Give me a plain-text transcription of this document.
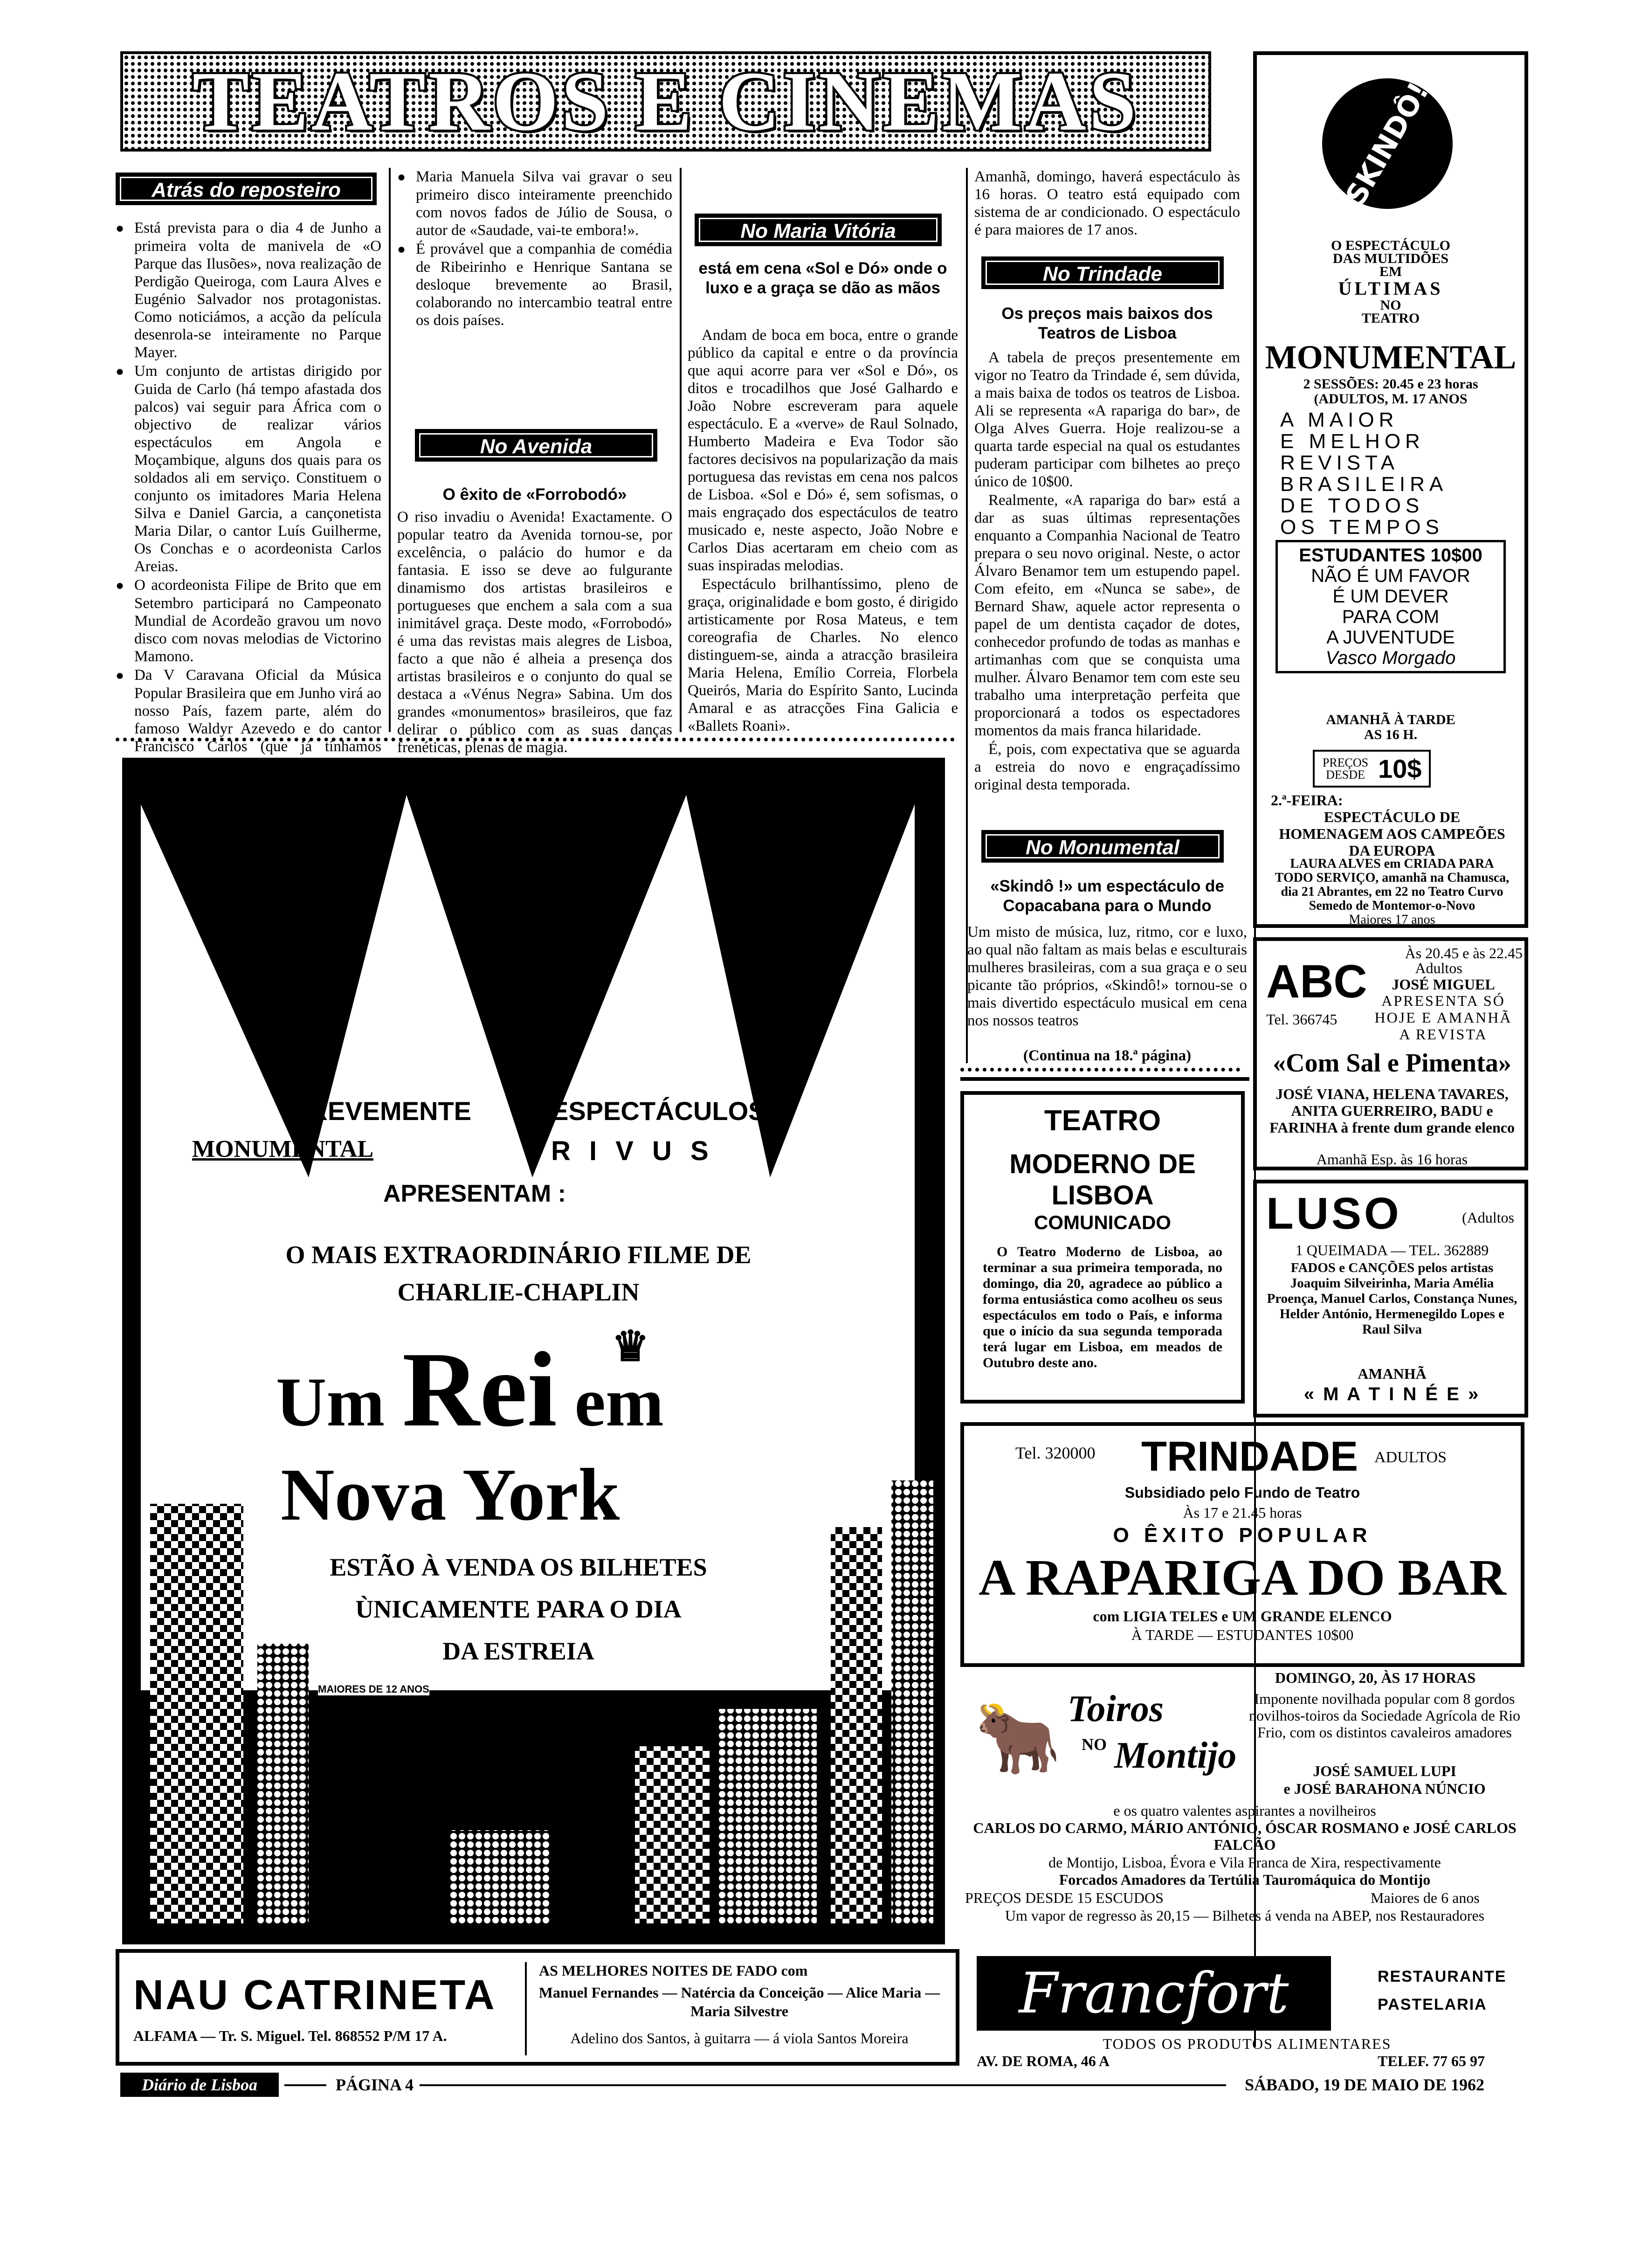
TEATROS E CINEMAS
Atrás do reposteiro

● Está prevista para o dia 4 de Junho a primeira volta de manivela de «O Parque das Ilusões», nova realização de Perdigão Queiroga, com Laura Alves e Eugénio Salvador nos protagonistas. Como noticiámos, a acção da película desenrola-se inteiramente no Parque Mayer.

● Um conjunto de artistas dirigido por Guida de Carlo (há tempo afastada dos palcos) vai seguir para África com o objectivo de realizar vários espectáculos em Angola e Moçambique, alguns dos quais para os soldados ali em serviço. Constituem o conjunto os imitadores Maria Helena Silva e Daniel Garcia, a cançonetista Maria Dilar, o cantor Luís Guilherme, Os Conchas e o acordeonista Carlos Areias.

● O acordeonista Filipe de Brito que em Setembro participará no Campeonato Mundial de Acordeão gravou um novo disco com novas melodias de Victorino Mamono.

● Da V Caravana Oficial da Música Popular Brasileira que em Junho virá ao nosso País, fazem parte, além do famoso Waldyr Azevedo e do cantor Francisco Carlos (que já tínhamos

● Maria Manuela Silva vai gravar o seu primeiro disco inteiramente preenchido com novos fados de Júlio de Sousa, o autor de «Saudade, vai-te embora!».

● É provável que a companhia de comédia de Ribeirinho e Henrique Santana se desloque brevemente ao Brasil, colaborando no intercambio teatral entre os dois países.

No Avenida
O êxito de «Forrobodó»
O riso invadiu o Avenida! Exactamente. O popular teatro da Avenida tornou-se, por excelência, o palácio do humor e da fantasia. E isso se deve ao fulgurante dinamismo dos artistas brasileiros e portugueses que enchem a sala com a sua inimitável graça. Deste modo, «Forrobodó» é uma das revistas mais alegres de Lisboa, facto a que não é alheia a presença dos artistas brasileiros e o conjunto do qual se destaca a «Vénus Negra» Sabina. Um dos grandes «monumentos» brasileiros, que faz delirar o público com as suas danças frenéticas, plenas de magia.
No Maria Vitória
está em cena «Sol e Dó» onde o luxo e a graça se dão as mãos

Andam de boca em boca, entre o grande público da capital e entre o da província que aqui acorre para ver «Sol e Dó», os ditos e trocadilhos que José Galhardo e João Nobre escreveram para aquele espectáculo. E a «verve» de Raul Solnado, Humberto Madeira e Eva Todor são factores decisivos na popularização da mais portuguesa das revistas em cena nos palcos de Lisboa. «Sol e Dó» é, sem sofismas, o mais engraçado dos espectáculos de teatro musicado e, neste aspecto, João Nobre e Carlos Dias acertaram em cheio com as suas inspiradas melodias.

Espectáculo brilhantíssimo, pleno de graça, originalidade e bom gosto, é dirigido artisticamente por Rosa Mateus, e tem coreografia de Charles. No elenco distinguem-se, ainda a atracção brasileira Maria Helena, Emílio Correia, Florbela Queirós, Maria do Espírito Santo, Lucinda Amaral e as atracções Fina Galicia e «Ballets Roani».

Amanhã, domingo, haverá espectáculo às 16 horas. O teatro está equipado com sistema de ar condicionado. O espectáculo é para maiores de 17 anos.
No Trindade
Os preços mais baixos dos Teatros de Lisboa

A tabela de preços presentemente em vigor no Teatro da Trindade é, sem dúvida, a mais baixa de todos os teatros de Lisboa. Ali se representa «A rapariga do bar», de Olga Alves Guerra. Hoje realizou-se a quarta tarde especial na qual os estudantes puderam participar com bilhetes ao preço único de 10$00.

Realmente, «A rapariga do bar» está a dar as suas últimas representações enquanto a Companhia Nacional de Teatro prepara o seu novo original. Neste, o actor Álvaro Benamor tem um estupendo papel. Com efeito, em «Nunca se sabe», de Bernard Shaw, aquele actor representa o papel de um dentista caçador de dotes, conhecedor profundo de todas as manhas e artimanhas com que se conquista uma mulher. Álvaro Benamor tem com este seu trabalho uma interpretação perfeita que proporcionará a todos os espectadores momentos da mais franca hilaridade.

É, pois, com expectativa que se aguarda a estreia do novo e engraçadíssimo original desta temporada.

No Monumental
«Skindô !» um espectáculo de Copacabana para o Mundo
Um misto de música, luz, ritmo, cor e luxo, ao qual não faltam as mais belas e esculturais mulheres brasileiras, com a sua graça e o seu picante tão próprios, «Skindô!» tornou-se o mais divertido espectáculo musical em cena nos nossos teatros
(Continua na 18.ª página)
BREVEMENTE
MONUMENTAL
ESPECTÁCULOS
R I V U S
APRESENTAM :
O MAIS EXTRAORDINÁRIO FILME DE
CHARLIE-CHAPLIN
♛
Um Rei em
Nova York
ESTÃO À VENDA OS BILHETES
ÙNICAMENTE PARA O DIA
DA ESTREIA
MAIORES DE 12 ANOS
SKINDÔ!
O ESPECTÁCULO
DAS MULTIDÕES
EM
ÚLTIMAS
NO
TEATRO
MONUMENTAL
2 SESSÕES: 20.45 e 23 horas
(ADULTOS, M. 17 ANOS
A MAIOR
E MELHOR
REVISTA
BRASILEIRA
DE TODOS
OS TEMPOS
ESTUDANTES 10$00
NÃO É UM FAVOR
É UM DEVER
PARA COM
A JUVENTUDE
Vasco Morgado
AMANHÃ À TARDE
AS 16 H.
PREÇOS DESDE 10$
2.ª-FEIRA:
ESPECTÁCULO DE HOMENAGEM AOS CAMPEÕES DA EUROPA
LAURA ALVES em CRIADA PARA TODO SERVIÇO, amanhã na Chamusca, dia 21 Abrantes, em 22 no Teatro Curvo Semedo de Montemor-o-Novo
Maiores 17 anos
ABC
Às 20.45 e às 22.45
Adultos
Tel. 366745
JOSÉ MIGUEL
APRESENTA SÓ HOJE E AMANHÃ A REVISTA
«Com Sal e Pimenta»
JOSÉ VIANA, HELENA TAVARES, ANITA GUERREIRO, BADU e FARINHA à frente dum grande elenco
Amanhã Esp. às 16 horas
LUSO	(Adultos
1 QUEIMADA — TEL. 362889
FADOS e CANÇÕES pelos artistas Joaquim Silveirinha, Maria Amélia Proença, Manuel Carlos, Constança Nunes, Helder António, Hermenegildo Lopes e Raul Silva
AMANHÃ
« M A T I N É E »
TEATRO
MODERNO DE LISBOA
COMUNICADO
O Teatro Moderno de Lisboa, ao terminar a sua primeira temporada, no domingo, dia 20, agradece ao público a forma entusiástica como acolheu os seus espectáculos em todo o País, e informa que o início da sua segunda temporada terá lugar em Lisboa, em meados de Outubro deste ano.
Tel. 320000 TRINDADE ADULTOS
Subsidiado pelo Fundo de Teatro
Às 17 e 21.45 horas
O ÊXITO POPULAR
A RAPARIGA DO BAR
com LIGIA TELES e UM GRANDE ELENCO
À TARDE — ESTUDANTES 10$00
DOMINGO, 20, ÀS 17 HORAS
🐂 Toiros
NO Montijo
Imponente novilhada popular com 8 gordos novilhos-toiros da Sociedade Agrícola de Rio Frio, com os distintos cavaleiros amadores
JOSÉ SAMUEL LUPI
e JOSÉ BARAHONA NÚNCIO
e os quatro valentes aspirantes a novilheiros
CARLOS DO CARMO, MÁRIO ANTÓNIO, ÓSCAR ROSMANO e JOSÉ CARLOS FALCÃO
de Montijo, Lisboa, Évora e Vila Franca de Xira, respectivamente
Forcados Amadores da Tertúlia Tauromáquica do Montijo
PREÇOS DESDE 15 ESCUDOS	Maiores de 6 anos
Um vapor de regresso às 20,15 — Bilhetes á venda na ABEP, nos Restauradores
NAU CATRINETA
ALFAMA — Tr. S. Miguel. Tel. 868552 P/M 17 A.
AS MELHORES NOITES DE FADO com
Manuel Fernandes — Natércia da Conceição — Alice Maria — Maria Silvestre
Adelino dos Santos, à guitarra — á viola Santos Moreira
Francfort	RESTAURANTE
PASTELARIA
TODOS OS PRODUTOS ALIMENTARES
AV. DE ROMA, 46 A	TELEF. 77 65 97
Diário de Lisboa	PÁGINA 4	SÁBADO, 19 DE MAIO DE 1962
